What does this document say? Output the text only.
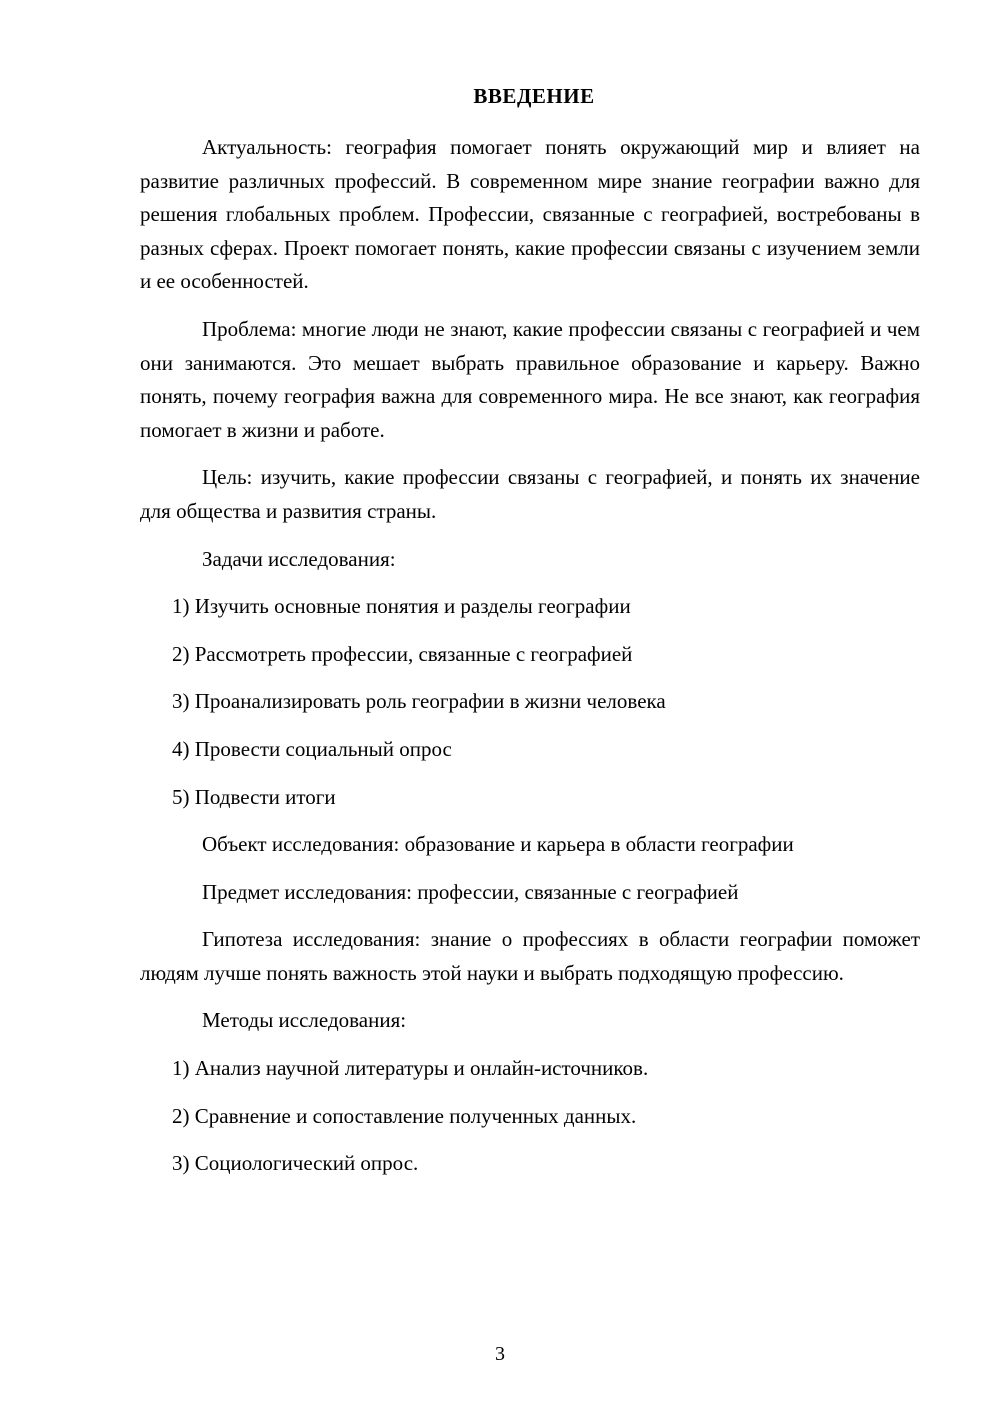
ВВЕДЕНИЕ

Актуальность: география помогает понять окружающий мир и влияет на развитие различных профессий. В современном мире знание географии важно для решения глобальных проблем. Профессии, связанные с географией, востребованы в разных сферах. Проект помогает понять, какие профессии связаны с изучением земли и ее особенностей.

Проблема: многие люди не знают, какие профессии связаны с географией и чем они занимаются. Это мешает выбрать правильное образование и карьеру. Важно понять, почему география важна для современного мира. Не все знают, как география помогает в жизни и работе.

Цель: изучить, какие профессии связаны с географией, и понять их значение для общества и развития страны.

Задачи исследования:

1) Изучить основные понятия и разделы географии

2) Рассмотреть профессии, связанные с географией

3) Проанализировать роль географии в жизни человека

4) Провести социальный опрос

5) Подвести итоги

Объект исследования: образование и карьера в области географии

Предмет исследования: профессии, связанные с географией

Гипотеза исследования: знание о профессиях в области географии поможет людям лучше понять важность этой науки и выбрать подходящую профессию.

Методы исследования:

1) Анализ научной литературы и онлайн-источников.

2) Сравнение и сопоставление полученных данных.

3) Социологический опрос.

3
